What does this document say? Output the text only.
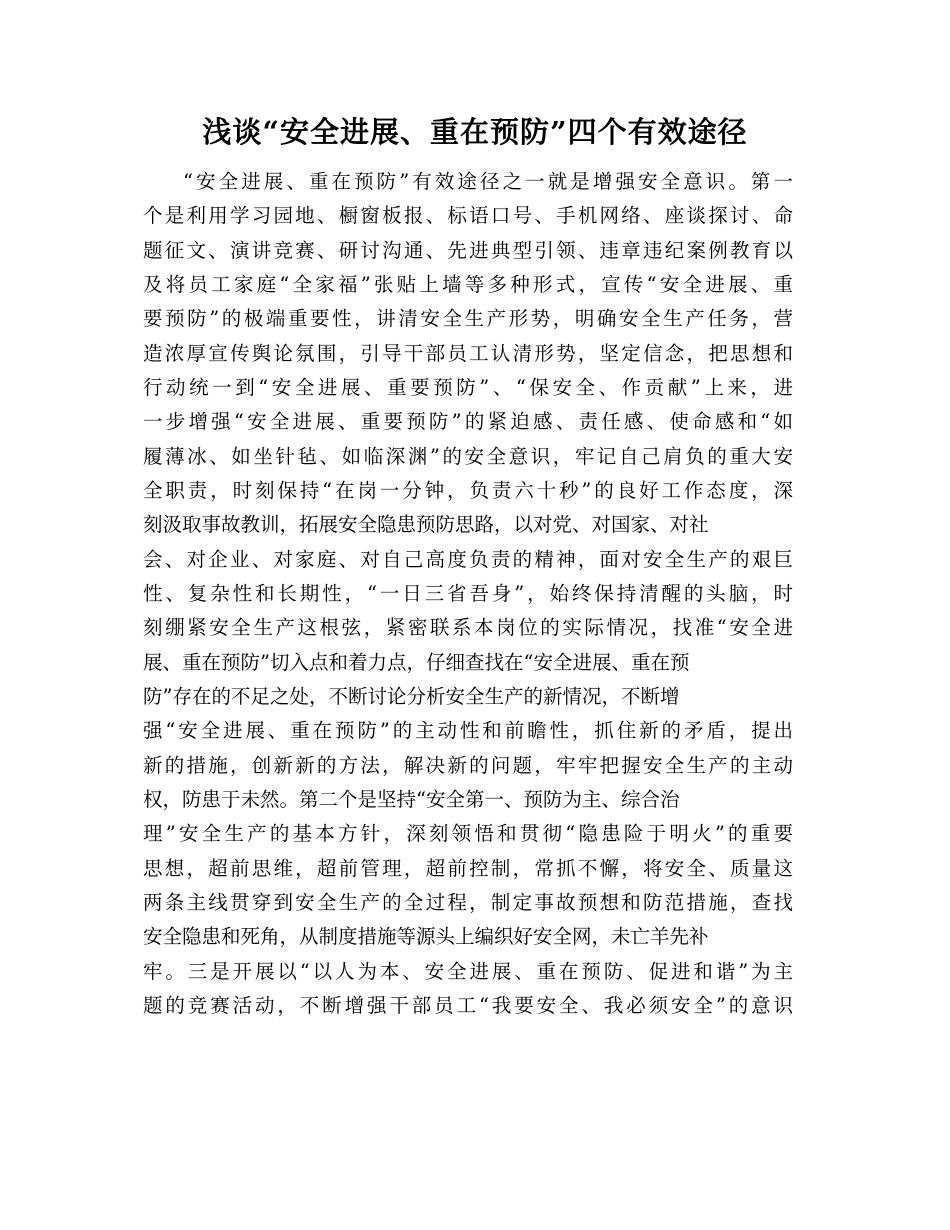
浅谈“安全进展、重在预防”四个有效途径
“安全进展、重在预防”有效途径之一就是增强安全意识。第一
个是利用学习园地、橱窗板报、标语口号、手机网络、座谈探讨、命
题征文、演讲竞赛、研讨沟通、先进典型引领、违章违纪案例教育以
及将员工家庭“全家福”张贴上墙等多种形式，宣传“安全进展、重
要预防”的极端重要性，讲清安全生产形势，明确安全生产任务，营
造浓厚宣传舆论氛围，引导干部员工认清形势，坚定信念，把思想和
行动统一到“安全进展、重要预防”、“保安全、作贡献”上来，进
一步增强“安全进展、重要预防”的紧迫感、责任感、使命感和“如
履薄冰、如坐针毡、如临深渊”的安全意识，牢记自己肩负的重大安
全职责，时刻保持“在岗一分钟，负责六十秒”的良好工作态度，深
刻汲取事故教训，拓展安全隐患预防思路，以对党、对国家、对社
会、对企业、对家庭、对自己高度负责的精神，面对安全生产的艰巨
性、复杂性和长期性，“一日三省吾身”，始终保持清醒的头脑，时
刻绷紧安全生产这根弦，紧密联系本岗位的实际情况，找准“安全进
展、重在预防”切入点和着力点，仔细查找在“安全进展、重在预
防”存在的不足之处，不断讨论分析安全生产的新情况，不断增
强“安全进展、重在预防”的主动性和前瞻性，抓住新的矛盾，提出
新的措施，创新新的方法，解决新的问题，牢牢把握安全生产的主动
权，防患于未然。第二个是坚持“安全第一、预防为主、综合治
理”安全生产的基本方针，深刻领悟和贯彻“隐患险于明火”的重要
思想，超前思维，超前管理，超前控制，常抓不懈，将安全、质量这
两条主线贯穿到安全生产的全过程，制定事故预想和防范措施，查找
安全隐患和死角，从制度措施等源头上编织好安全网，未亡羊先补
牢。三是开展以“以人为本、安全进展、重在预防、促进和谐”为主
题的竞赛活动，不断增强干部员工“我要安全、我必须安全”的意识
